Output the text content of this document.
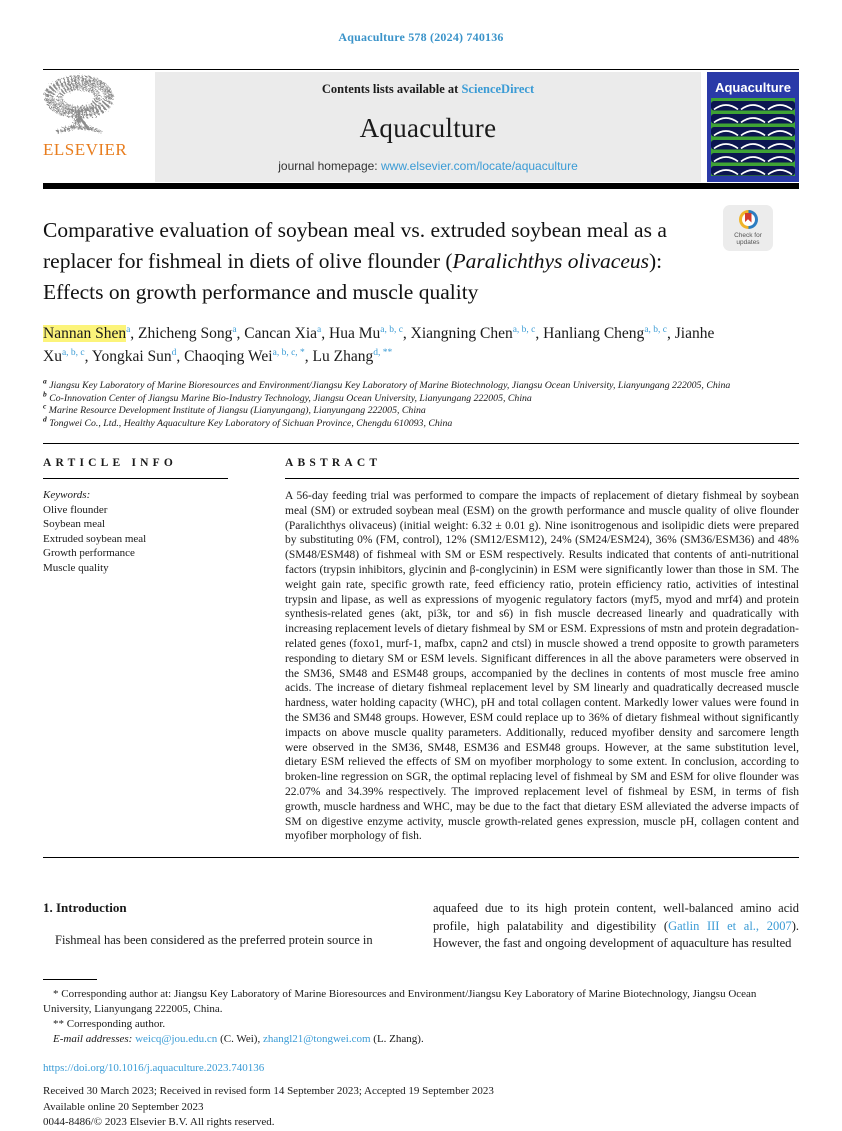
Aquaculture 578 (2024) 740136
ELSEVIER
Contents lists available at ScienceDirect
Aquaculture
journal homepage: www.elsevier.com/locate/aquaculture
Aquaculture
Comparative evaluation of soybean meal vs. extruded soybean meal as a replacer for fishmeal in diets of olive flounder (Paralichthys olivaceus): Effects on growth performance and muscle quality
Check for updates
Nannan Shen$^a$, Zhicheng Song$^a$, Cancan Xia$^a$, Hua Mu$^{a, b, c}$, Xiangning Chen$^{a, b, c}$, Hanliang Cheng$^{a, b, c}$, Jianhe Xu$^{a, b, c}$, Yongkai Sun$^d$, Chaoqing Wei$^{a, b, c, *}$, Lu Zhang$^{d, **}$
$^a$ Jiangsu Key Laboratory of Marine Bioresources and Environment/Jiangsu Key Laboratory of Marine Biotechnology, Jiangsu Ocean University, Lianyungang 222005, China
$^b$ Co-Innovation Center of Jiangsu Marine Bio-Industry Technology, Jiangsu Ocean University, Lianyungang 222005, China
$^c$ Marine Resource Development Institute of Jiangsu (Lianyungang), Lianyungang 222005, China
$^d$ Tongwei Co., Ltd., Healthy Aquaculture Key Laboratory of Sichuan Province, Chengdu 610093, China
ARTICLE INFO
Keywords:
Olive flounder
Soybean meal
Extruded soybean meal
Growth performance
Muscle quality
ABSTRACT

A 56-day feeding trial was performed to compare the impacts of replacement of dietary fishmeal by soybean meal (SM) or extruded soybean meal (ESM) on the growth performance and muscle quality of olive flounder (Paralichthys olivaceus) (initial weight: 6.32 ± 0.01 g). Nine isonitrogenous and isolipidic diets were prepared by substituting 0% (FM, control), 12% (SM12/ESM12), 24% (SM24/ESM24), 36% (SM36/ESM36) and 48% (SM48/ESM48) of fishmeal with SM or ESM respectively. Results indicated that contents of anti-nutritional factors (trypsin inhibitors, glycinin and β-conglycinin) in ESM were significantly lower than those in SM. The weight gain rate, specific growth rate, feed efficiency ratio, protein efficiency ratio, activities of intestinal trypsin and lipase, as well as expressions of myogenic regulatory factors (myf5, myod and mrf4) and protein synthesis-related genes (akt, pi3k, tor and s6) in fish muscle decreased linearly and quadratically with increasing replacement levels of dietary fishmeal by SM or ESM. Expressions of mstn and protein degradation-related genes (foxo1, murf-1, mafbx, capn2 and ctsl) in muscle showed a trend opposite to growth parameters responding to dietary SM or ESM levels. Significant differences in all the above parameters were observed in the SM36, SM48 and ESM48 groups, accompanied by the declines in contents of most muscle free amino acids. The increase of dietary fishmeal replacement level by SM linearly and quadratically decreased muscle hardness, water holding capacity (WHC), pH and total collagen content. Markedly lower values were found in the SM36 and SM48 groups. However, ESM could replace up to 36% of dietary fishmeal without significantly impacts on above muscle quality parameters. Additionally, reduced myofiber density and sarcomere length were observed in the SM36, SM48, ESM36 and ESM48 groups. However, at the same substitution level, dietary ESM relieved the effects of SM on myofiber morphology to some extent. In conclusion, according to broken-line regression on SGR, the optimal replacing level of fishmeal by SM and ESM for olive flounder was 22.07% and 34.39% respectively. The improved replacement level of fishmeal by ESM, in terms of fish growth, muscle hardness and WHC, may be due to the fact that dietary ESM alleviated the adverse impacts of SM on digestive enzyme activity, muscle growth-related genes expression, muscle pH, collagen content and myofiber morphology of fish.

1. Introduction

Fishmeal has been considered as the preferred protein source in

aquafeed due to its high protein content, well-balanced amino acid profile, high palatability and digestibility (Gatlin III et al., 2007). However, the fast and ongoing development of aquaculture has resulted

* Corresponding author at: Jiangsu Key Laboratory of Marine Bioresources and Environment/Jiangsu Key Laboratory of Marine Biotechnology, Jiangsu Ocean University, Lianyungang 222005, China.

** Corresponding author.

E-mail addresses: weicq@jou.edu.cn (C. Wei), zhangl21@tongwei.com (L. Zhang).

https://doi.org/10.1016/j.aquaculture.2023.740136
Received 30 March 2023; Received in revised form 14 September 2023; Accepted 19 September 2023
Available online 20 September 2023
0044-8486/© 2023 Elsevier B.V. All rights reserved.
